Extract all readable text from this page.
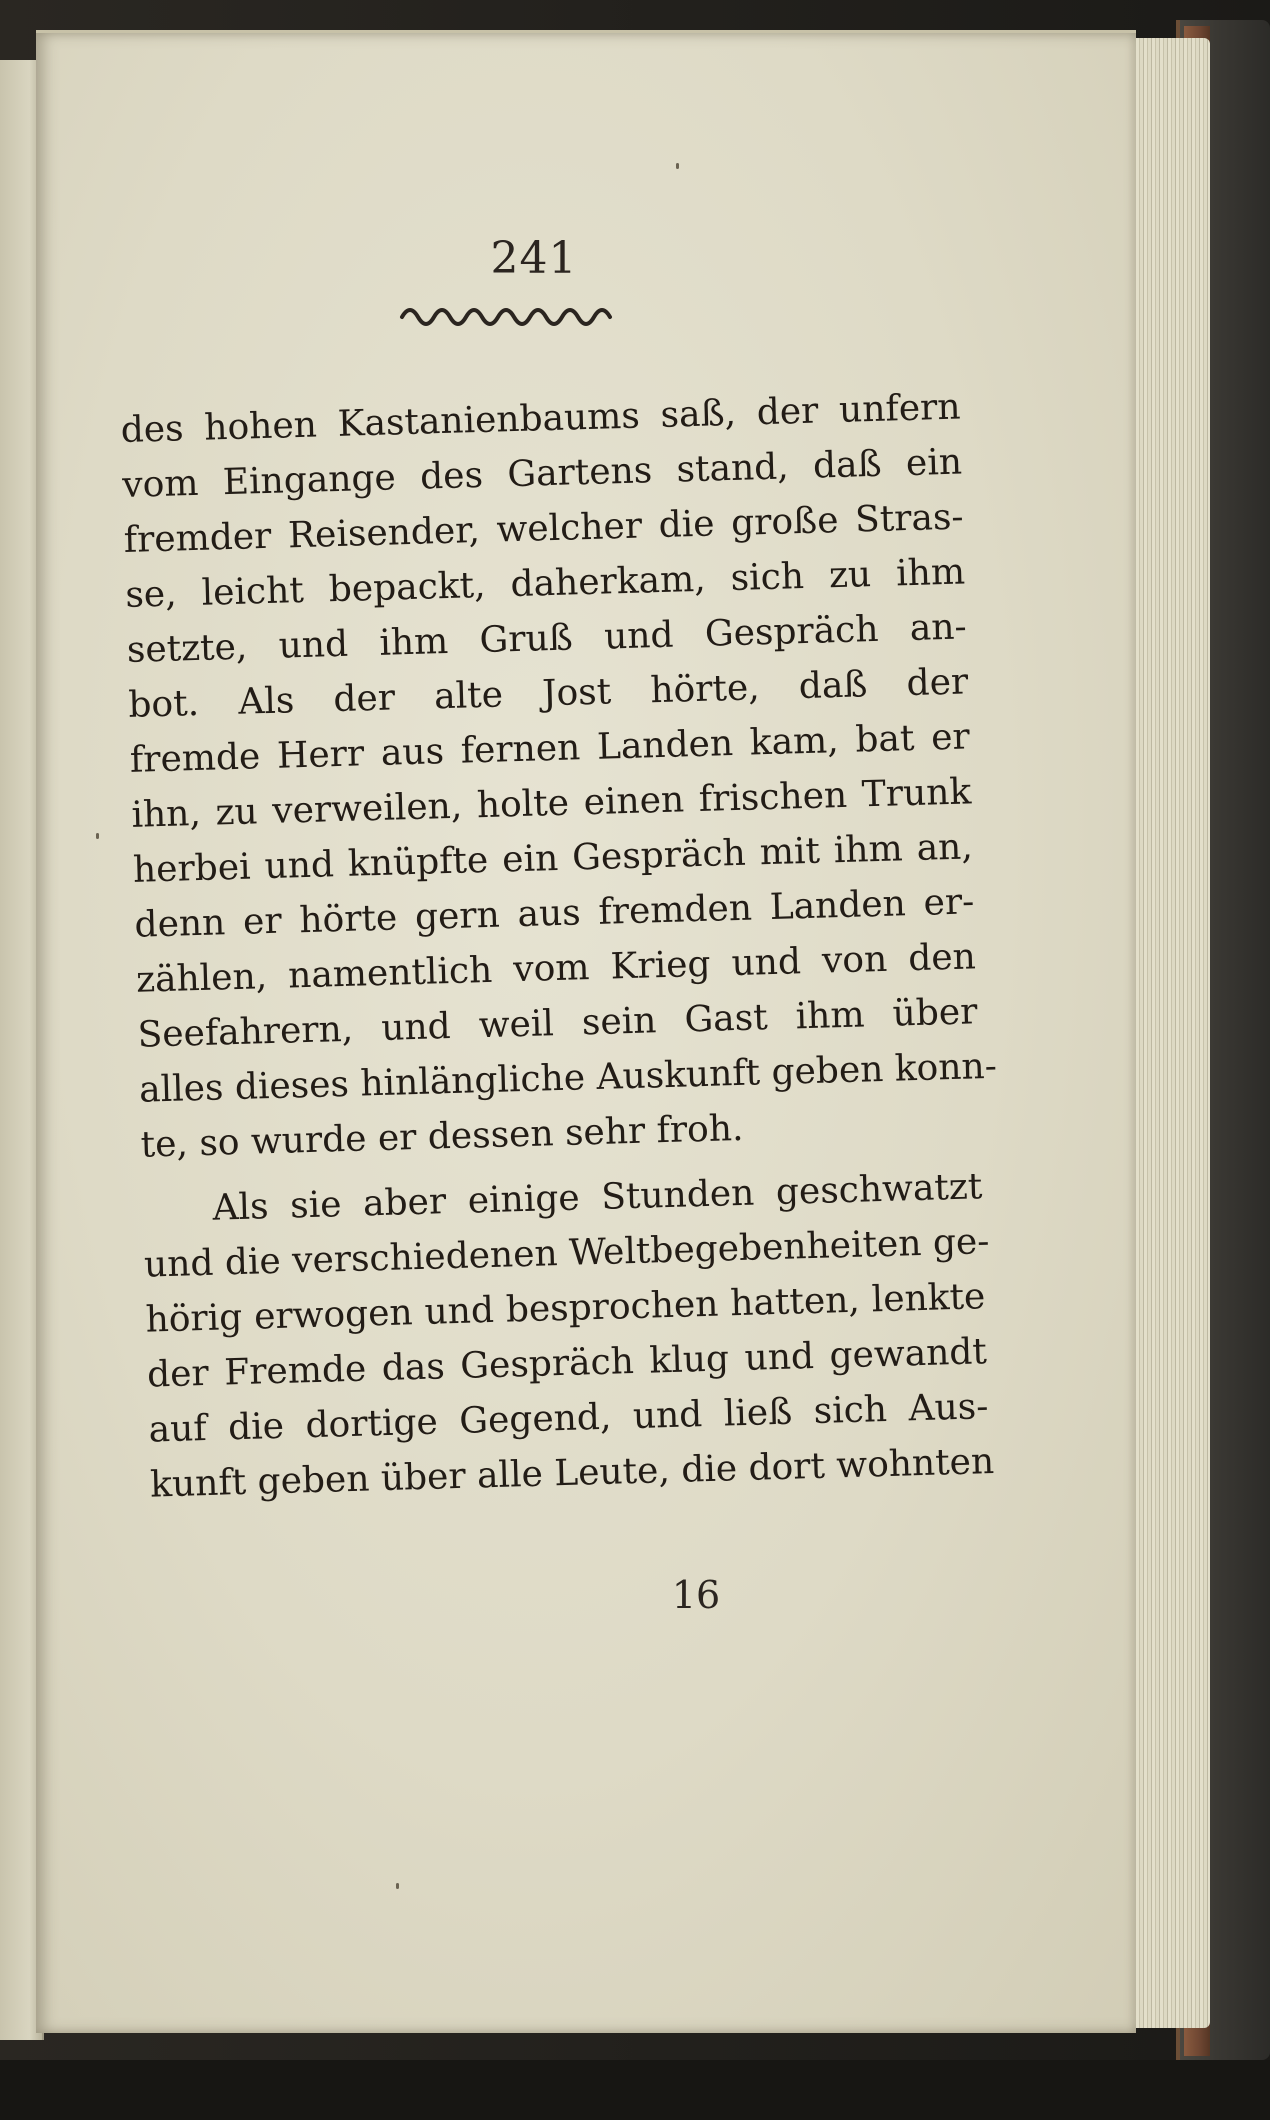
241
des hohen Kastanienbaums saß, der unfern
vom Eingange des Gartens stand, daß ein
fremder Reisender, welcher die große Stras-
se, leicht bepackt, daherkam, sich zu ihm
setzte, und ihm Gruß und Gespräch an-
bot. Als der alte Jost hörte, daß der
fremde Herr aus fernen Landen kam, bat er
ihn, zu verweilen, holte einen frischen Trunk
herbei und knüpfte ein Gespräch mit ihm an,
denn er hörte gern aus fremden Landen er-
zählen, namentlich vom Krieg und von den
Seefahrern, und weil sein Gast ihm über
alles dieses hinlängliche Auskunft geben konn-
te, so wurde er dessen sehr froh.
Als sie aber einige Stunden geschwatzt
und die verschiedenen Weltbegebenheiten ge-
hörig erwogen und besprochen hatten, lenkte
der Fremde das Gespräch klug und gewandt
auf die dortige Gegend, und ließ sich Aus-
kunft geben über alle Leute, die dort wohnten
16
